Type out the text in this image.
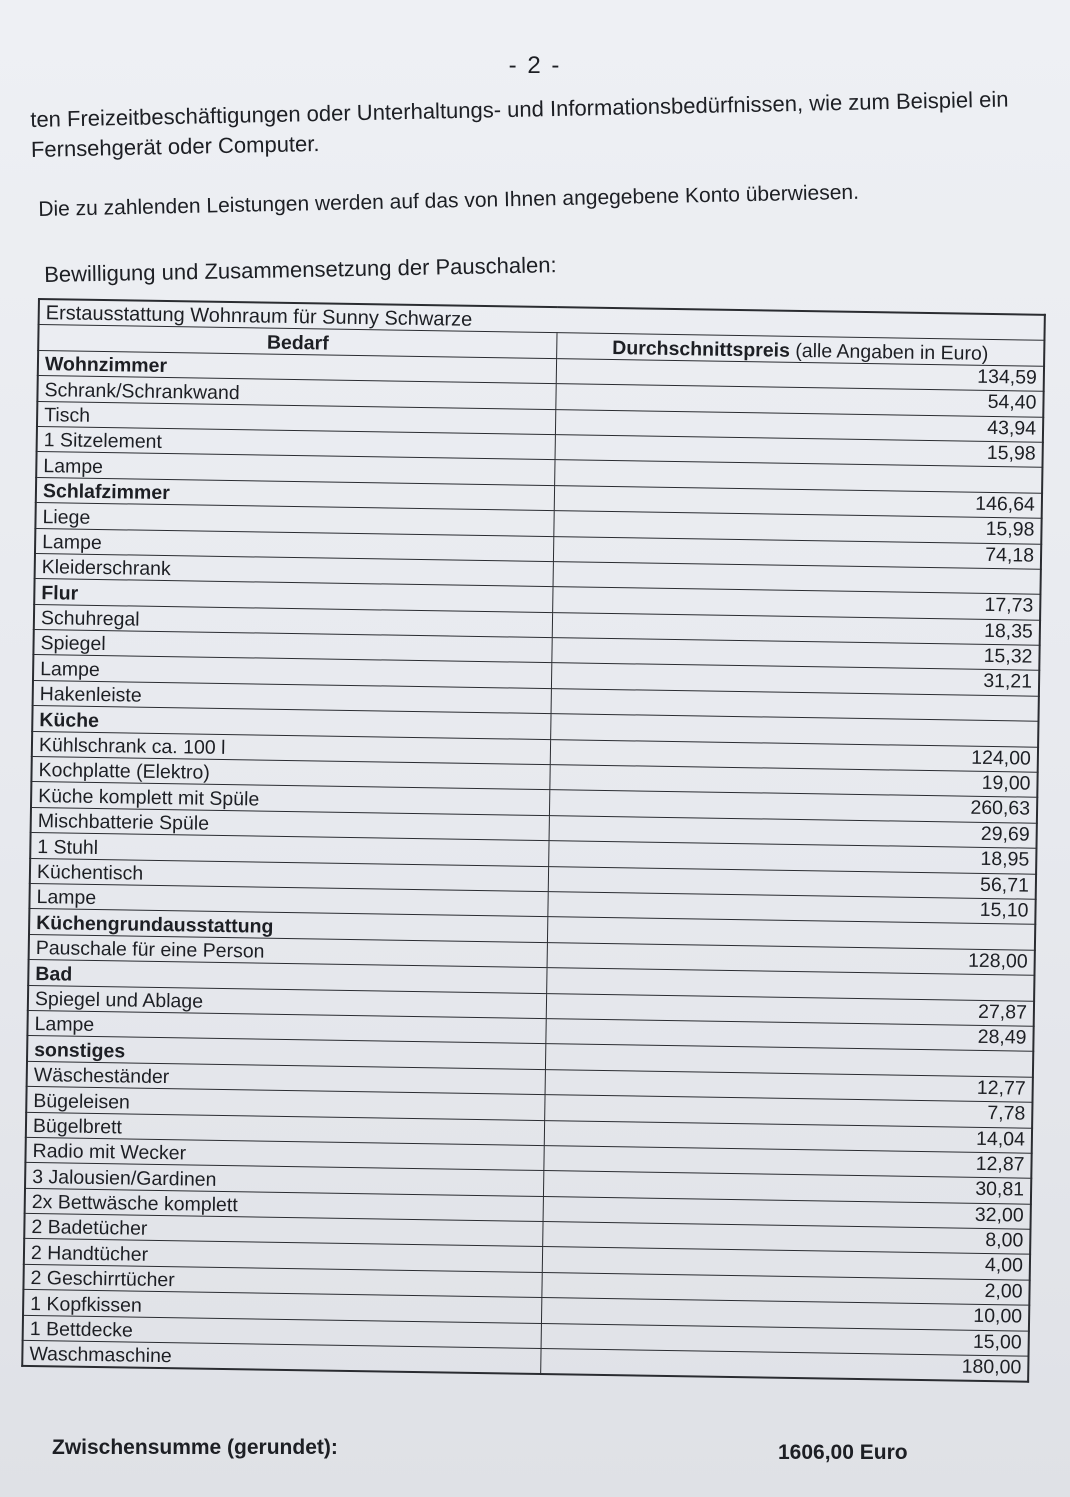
- 2 -
ten Freizeitbeschäftigungen oder Unterhaltungs- und Informationsbedürfnissen, wie zum Beispiel ein Fernsehgerät oder Computer.
Die zu zahlenden Leistungen werden auf das von Ihnen angegebene Konto überwiesen.
Bewilligung und Zusammensetzung der Pauschalen:
Erstausstattung Wohnraum für Sunny Schwarze	
Bedarf	Durchschnittspreis (alle Angaben in Euro)
Wohnzimmer	134,59
Schrank/Schrankwand	54,40
Tisch	43,94
1 Sitzelement	15,98
Lampe	
Schlafzimmer	146,64
Liege	15,98
Lampe	74,18
Kleiderschrank	
Flur	17,73
Schuhregal	18,35
Spiegel	15,32
Lampe	31,21
Hakenleiste	
Küche	
Kühlschrank ca. 100 l	124,00
Kochplatte (Elektro)	19,00
Küche komplett mit Spüle	260,63
Mischbatterie Spüle	29,69
1 Stuhl	18,95
Küchentisch	56,71
Lampe	15,10
Küchengrundausstattung	
Pauschale für eine Person	128,00
Bad	
Spiegel und Ablage	27,87
Lampe	28,49
sonstiges	
Wäscheständer	12,77
Bügeleisen	7,78
Bügelbrett	14,04
Radio mit Wecker	12,87
3 Jalousien/Gardinen	30,81
2x Bettwäsche komplett	32,00
2 Badetücher	8,00
2 Handtücher	4,00
2 Geschirrtücher	2,00
1 Kopfkissen	10,00
1 Bettdecke	15,00
Waschmaschine	180,00
Zwischensumme (gerundet):	1606,00 Euro
